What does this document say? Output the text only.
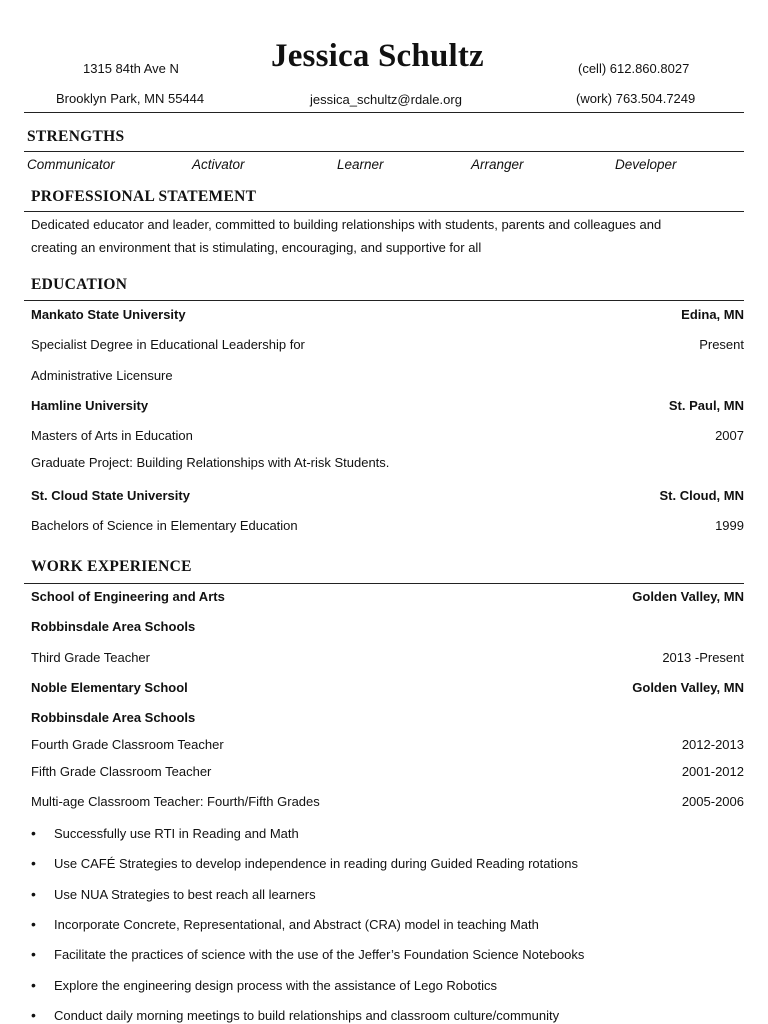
1315 84th Ave N	Jessica Schultz	(cell) 612.860.8027
Brooklyn Park, MN 55444	jessica_schultz@rdale.org	(work) 763.504.7249
STRENGTHS
Communicator	Activator	Learner	Arranger	Developer
PROFESSIONAL STATEMENT
Dedicated educator and leader, committed to building relationships with students, parents and colleagues and
creating an environment that is stimulating, encouraging, and supportive for all
EDUCATION
Mankato State University	Edina, MN
Specialist Degree in Educational Leadership for	Present
Administrative Licensure
Hamline University	St. Paul, MN
Masters of Arts in Education	2007
Graduate Project: Building Relationships with At-risk Students.
St. Cloud State University	St. Cloud, MN
Bachelors of Science in Elementary Education	1999
WORK EXPERIENCE
School of Engineering and Arts	Golden Valley, MN
Robbinsdale Area Schools
Third Grade Teacher	2013 -Present
Noble Elementary School	Golden Valley, MN
Robbinsdale Area Schools
Fourth Grade Classroom Teacher	2012-2013
Fifth Grade Classroom Teacher	2001-2012
Multi-age Classroom Teacher: Fourth/Fifth Grades	2005-2006
• Successfully use RTI in Reading and Math
• Use CAFÉ Strategies to develop independence in reading during Guided Reading rotations
• Use NUA Strategies to best reach all learners
• Incorporate Concrete, Representational, and Abstract (CRA) model in teaching Math
• Facilitate the practices of science with the use of the Jeffer’s Foundation Science Notebooks
• Explore the engineering design process with the assistance of Lego Robotics
• Conduct daily morning meetings to build relationships and classroom culture/community
